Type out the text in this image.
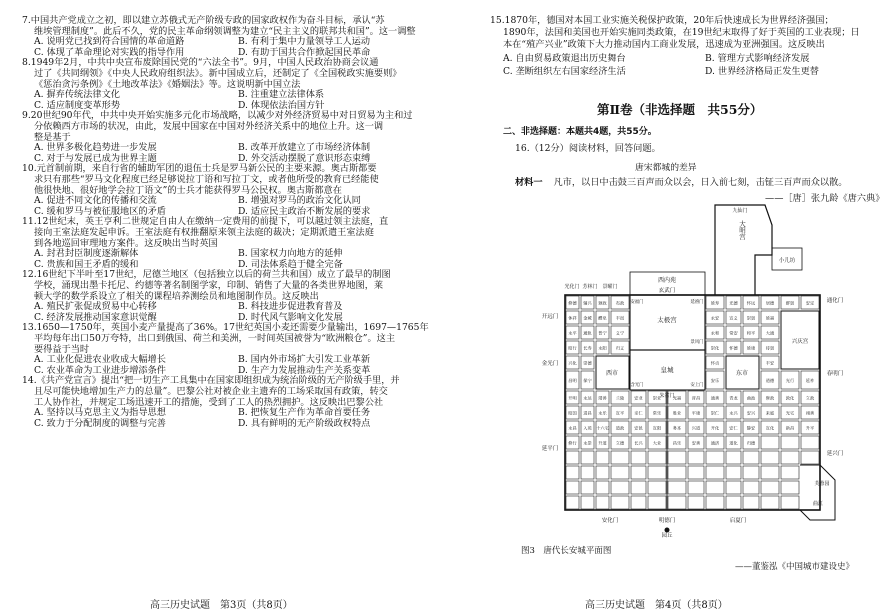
7.中国共产党成立之初，即以建立苏俄式无产阶级专政的国家政权作为奋斗目标，承认“苏
维埃管理制度”。此后不久，党的民主革命纲领调整为建立“民主主义的联邦共和国”。这一调整
A. 说明党已找到符合国情的革命道路	B. 有利于集中力量领导工人运动
C. 体现了革命理论对实践的指导作用	D. 有助于国共合作掀起国民革命
8.1949年2月，中共中央宣布废除国民党的“六法全书”。9月，中国人民政治协商会议通
过了《共同纲领》《中央人民政府组织法》。新中国成立后，还制定了《全国税政实施要则》
《惩治贪污条例》《土地改革法》《婚姻法》等。这说明新中国立法
A. 摒弃传统法律文化	B. 注重建立法律体系
C. 适应制度变革形势	D. 体现依法治国方针
9.20世纪90年代，中共中央开始实施多元化市场战略，以减少对外经济贸易中对日贸易为主和过
分依赖西方市场的状况，由此，发展中国家在中国对外经济关系中的地位上升。这一调
整是基于
A. 世界多极化趋势进一步发展	B. 改革开放建立了市场经济体制
C. 对于与发展已成为世界主题	D. 外交活动摆脱了意识形态束缚
10.元首制前期，来自行省的辅助军团的退伍士兵是罗马新公民的主要来源。奥古斯都要
求只有那些“罗马文化程度已经足够说拉丁语和写拉丁文，或者他所受的教育已经能使
他很快地、很好地学会拉丁语文”的士兵才能获得罗马公民权。奥古斯都意在
A. 促进不同文化的传播和交流	B. 增强对罗马的政治文化认同
C. 缓和罗马与被征服地区的矛盾	D. 适应民主政治不断发展的要求
11.12世纪末，英王亨利二世规定自由人在缴纳一定费用的前提下，可以越过领主法庭，直
接向王室法庭发起申诉。王室法庭有权推翻原来领主法庭的裁决；定期派遣王室法庭
到各地巡回审理地方案件。这反映出当时英国
A. 封君封臣制度逐渐解体	B. 国家权力向地方的延伸
C. 贵族和国王矛盾的缓和	D. 司法体系趋于健全完备
12.16世纪下半叶至17世纪，尼德兰地区（包括独立以后的荷兰共和国）成立了最早的制图
学校，涌现出墨卡托尼、约德等著名制图学家，印制、销售了大量的各类世界地图，莱
顿大学的数学系设立了相关的课程培养测绘员和地图制作员。这反映出
A. 殖民扩张促成贸易中心转移	B. 科技进步促进教育普及
C. 经济发展推动国家意识觉醒	D. 时代风气影响文化发展
13.1650—1750年，英国小麦产量提高了36%。17世纪英国小麦还需要少量输出，1697—1765年
平均每年出口50万夸特，出口到俄国、荷兰和美洲，一时间英国被誉为“欧洲粮仓”。这主
要得益于当时
A. 工业化促进农业收成大幅增长	B. 国内外市场扩大引发工业革新
C. 农业革命为工业进步增添条件	D. 生产力发展推动生产关系变革
14.《共产党宣言》提出“把一切生产工具集中在国家即组织成为统治阶级的无产阶级手里，并
且尽可能快地增加生产力的总量”。巴黎公社对被企业主遗弃的工场采取国有政策，转交
工人协作社，并规定工场迅速开工的措施，受到了工人的热烈拥护。这反映出巴黎公社
A. 坚持以马克思主义为指导思想	B. 把恢复生产作为革命首要任务
C. 致力于分配制度的调整与完善	D. 具有鲜明的无产阶级政权特点
高三历史试题　第3页（共8页）
15.1870年，德国对本国工业实施关税保护政策，20年后快速成长为世界经济强国；
1890年，法国和美国也开始实施同类政策，在19世纪末取得了好于英国的工业表现；日
本在“殖产兴业”政策下大力推动国内工商业发展，迅速成为亚洲强国。这反映出
A. 自由贸易政策退出历史舞台	B. 管理方式影响经济发展
C. 垄断组织左右国家经济生活	D. 世界经济格局正发生更替
第Ⅱ卷（非选择题　共55分）
二、非选择题：本题共4题，共55分。
16.（12分）阅读材料，回答问题。
唐宋都城的差异
材料一 凡市，以日中击鼓三百声而众以会，日入前七刻，击钲三百声而众以散。
——［唐］张九龄《唐六典》
小儿坊
大明宫
九仙门
西内苑
玄武门
太极宫
皇城
修德 辅兴 颁政 布政	延寿 光德 怀远	居德	群贤	安定
休祥 金城 醴泉 丰邑	永安 宣义 崇贤	延福
永平 通轨 普宁 义宁	永和 常安 和平	大通
昭行 长寿 永阳 归义	崇化 怀德 延康	待贤
兴化 崇德	怀贞	丰安
昌明 保宁	安乐	道德	光行	延祚
开明 永达 靖善 兰陵 安业 崇业	光福	晋昌	通善 青龙 曲池	修政	敦化	立政
昭国 进昌 永乐 宣平 亲仁 常乐	胜业	平康	崇仁 永兴 安兴	来庭	光宅	翊善
永昌 入苑 十六宅 道政 安邑 宣阳	务本	兴道	开化 安仁 静安	宣化	新昌	升平
修行 永崇 升道 立德 长兴 大业	昌乐	安善	通济 道化 归德
西市	东市
兴庆宫
芙蓉园
曲江
明德门
安化门	启夏门
园丘
开远门
金光门
延平门
通化门
春明门
延兴门
朱雀门
芳林门 景曜门
光化门
安福门
含光门	安上门
延禧门
景风门
图3　唐代长安城平面图
——董鉴泓《中国城市建设史》
高三历史试题　第4页（共8页）
